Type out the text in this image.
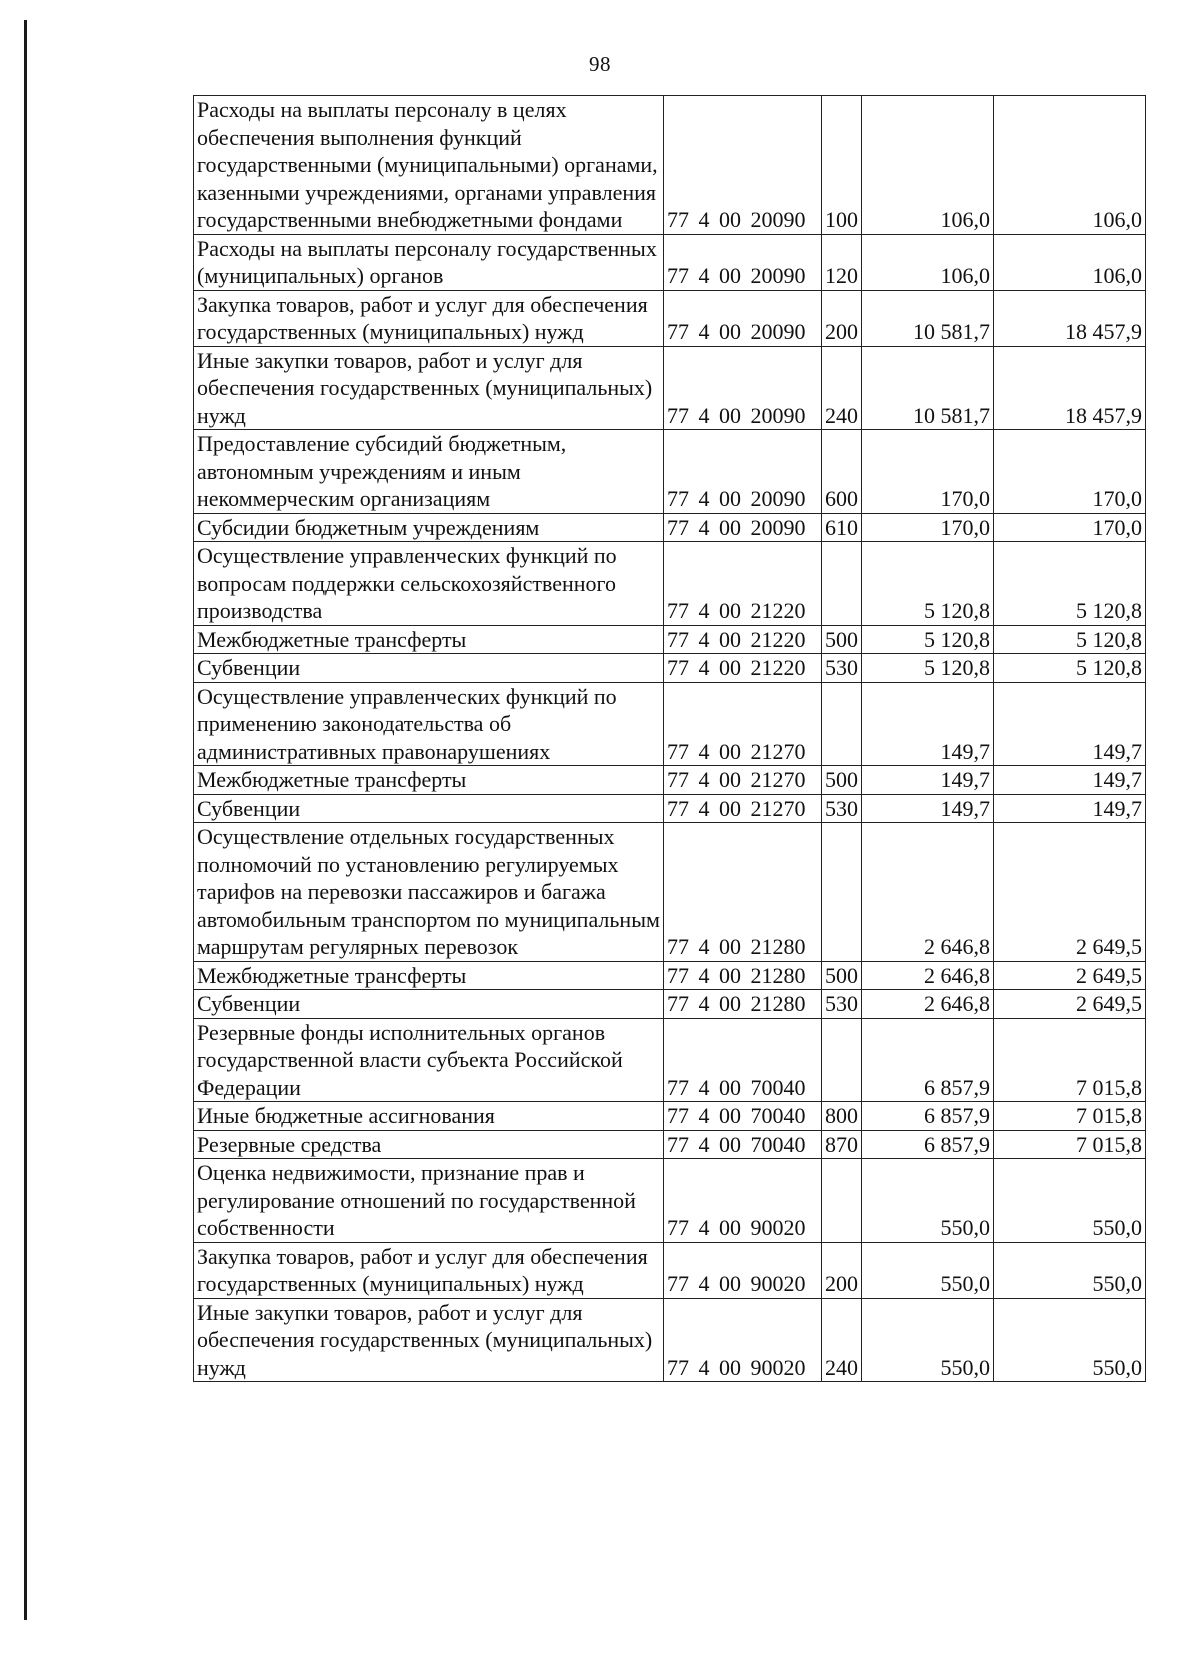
98
Расходы на выплаты персоналу в целях обеспечения выполнения функций государственными (муниципальными) органами, казенными учреждениями, органами управления государственными внебюджетными фондами	77 4 00 20090	100	106,0	106,0
Расходы на выплаты персоналу государственных (муниципальных) органов	77 4 00 20090	120	106,0	106,0
Закупка товаров, работ и услуг для обеспечения государственных (муниципальных) нужд	77 4 00 20090	200	10 581,7	18 457,9
Иные закупки товаров, работ и услуг для обеспечения государственных (муниципальных) нужд	77 4 00 20090	240	10 581,7	18 457,9
Предоставление субсидий бюджетным, автономным учреждениям и иным некоммерческим организациям	77 4 00 20090	600	170,0	170,0
Субсидии бюджетным учреждениям	77 4 00 20090	610	170,0	170,0
Осуществление управленческих функций по вопросам поддержки сельскохозяйственного производства	77 4 00 21220		5 120,8	5 120,8
Межбюджетные трансферты	77 4 00 21220	500	5 120,8	5 120,8
Субвенции	77 4 00 21220	530	5 120,8	5 120,8
Осуществление управленческих функций по применению законодательства об административных правонарушениях	77 4 00 21270		149,7	149,7
Межбюджетные трансферты	77 4 00 21270	500	149,7	149,7
Субвенции	77 4 00 21270	530	149,7	149,7
Осуществление отдельных государственных полномочий по установлению регулируемых тарифов на перевозки пассажиров и багажа автомобильным транспортом по муниципальным маршрутам регулярных перевозок	77 4 00 21280		2 646,8	2 649,5
Межбюджетные трансферты	77 4 00 21280	500	2 646,8	2 649,5
Субвенции	77 4 00 21280	530	2 646,8	2 649,5
Резервные фонды исполнительных органов государственной власти субъекта Российской Федерации	77 4 00 70040		6 857,9	7 015,8
Иные бюджетные ассигнования	77 4 00 70040	800	6 857,9	7 015,8
Резервные средства	77 4 00 70040	870	6 857,9	7 015,8
Оценка недвижимости, признание прав и регулирование отношений по государственной собственности	77 4 00 90020		550,0	550,0
Закупка товаров, работ и услуг для обеспечения государственных (муниципальных) нужд	77 4 00 90020	200	550,0	550,0
Иные закупки товаров, работ и услуг для обеспечения государственных (муниципальных) нужд	77 4 00 90020	240	550,0	550,0
